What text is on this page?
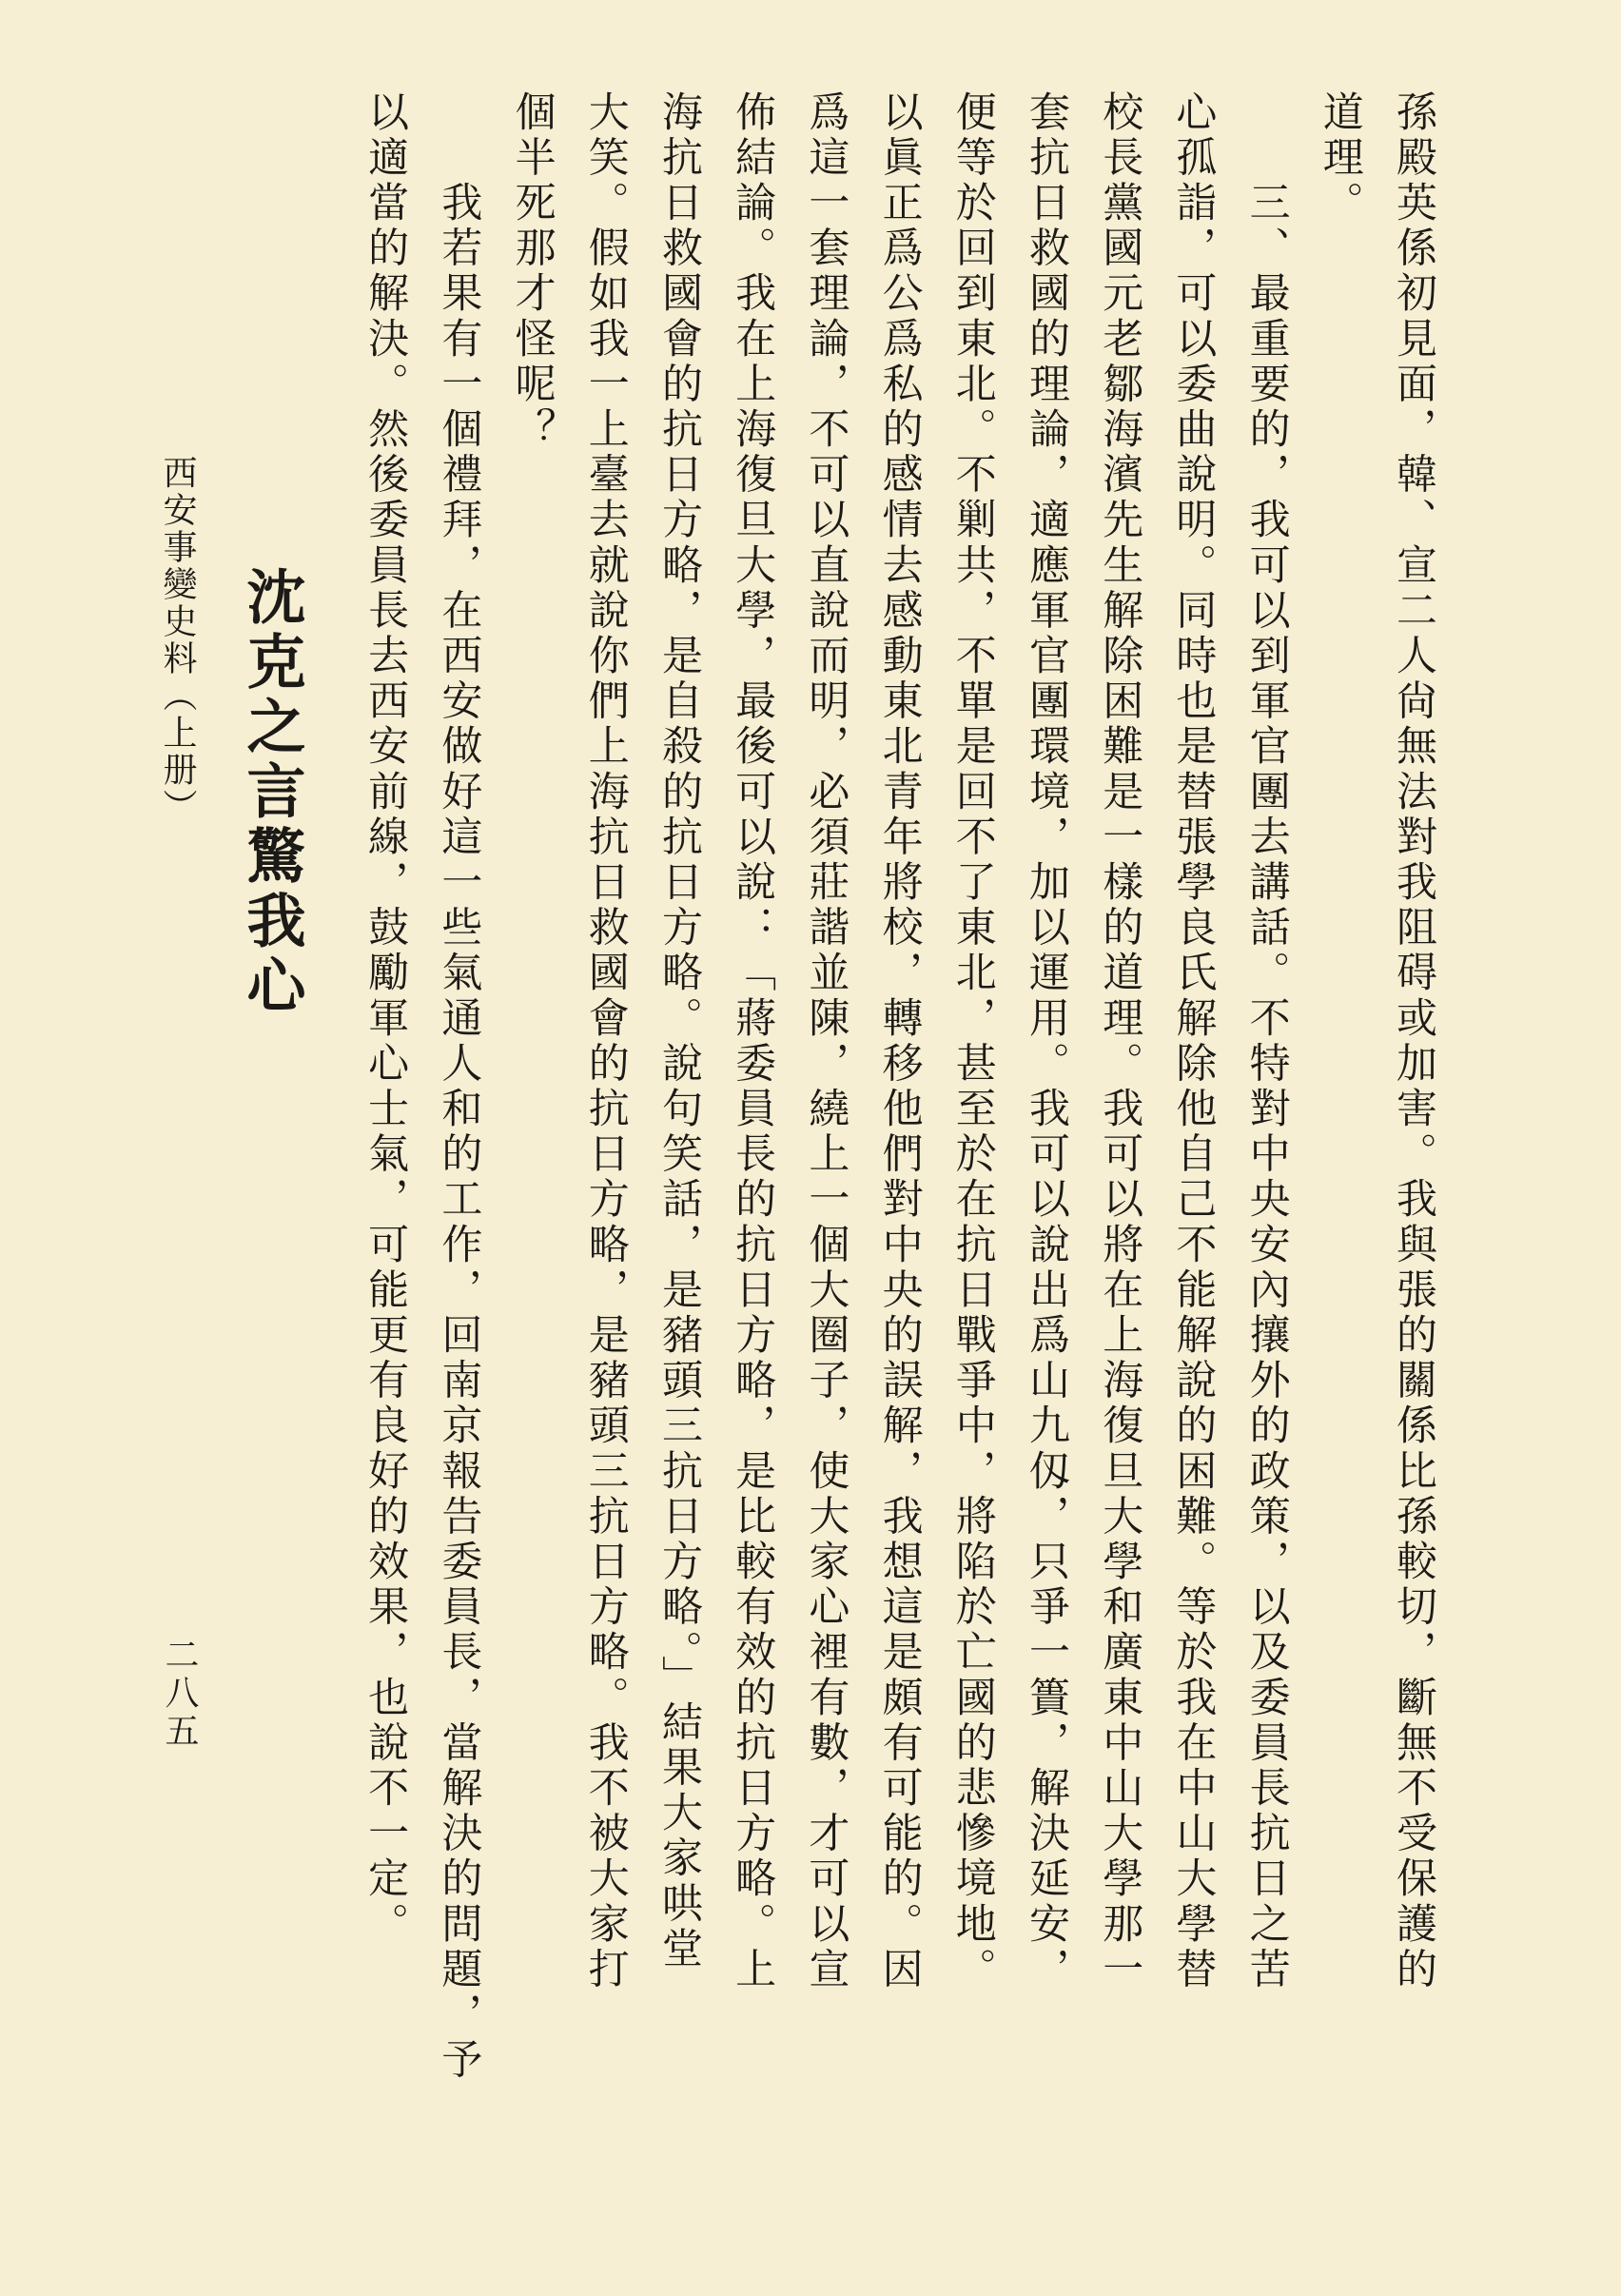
孫殿英係初見面，韓、宣二人尙無法對我阻碍或加害。我與張的關係比孫較切，斷無不受保護的
道理。
　　三、最重要的，我可以到軍官團去講話。不特對中央安內攘外的政策，以及委員長抗日之苦
心孤詣，可以委曲說明。同時也是替張學良氏解除他自己不能解說的困難。等於我在中山大學替
校長黨國元老鄒海濱先生解除困難是一樣的道理。我可以將在上海復旦大學和廣東中山大學那一
套抗日救國的理論，適應軍官團環境，加以運用。我可以說出爲山九仭，只爭一簣，解決延安，
便等於回到東北。不剿共，不單是回不了東北，甚至於在抗日戰爭中，將陷於亡國的悲慘境地。
以眞正爲公爲私的感情去感動東北青年將校，轉移他們對中央的誤解，我想這是頗有可能的。因
爲這一套理論，不可以直說而明，必須莊諧並陳，繞上一個大圈子，使大家心裡有數，才可以宣
佈結論。我在上海復旦大學，最後可以說：「蔣委員長的抗日方略，是比較有效的抗日方略。上
海抗日救國會的抗日方略，是自殺的抗日方略。說句笑話，是豬頭三抗日方略。」結果大家哄堂
大笑。假如我一上臺去就說你們上海抗日救國會的抗日方略，是豬頭三抗日方略。我不被大家打
個半死那才怪呢？
　　我若果有一個禮拜，在西安做好這一些氣通人和的工作，回南京報告委員長，當解決的問題，予
以適當的解決。然後委員長去西安前線，鼓勵軍心士氣，可能更有良好的效果，也說不一定。
沈克之言驚我心
西安事變史料（上册）
二八五
